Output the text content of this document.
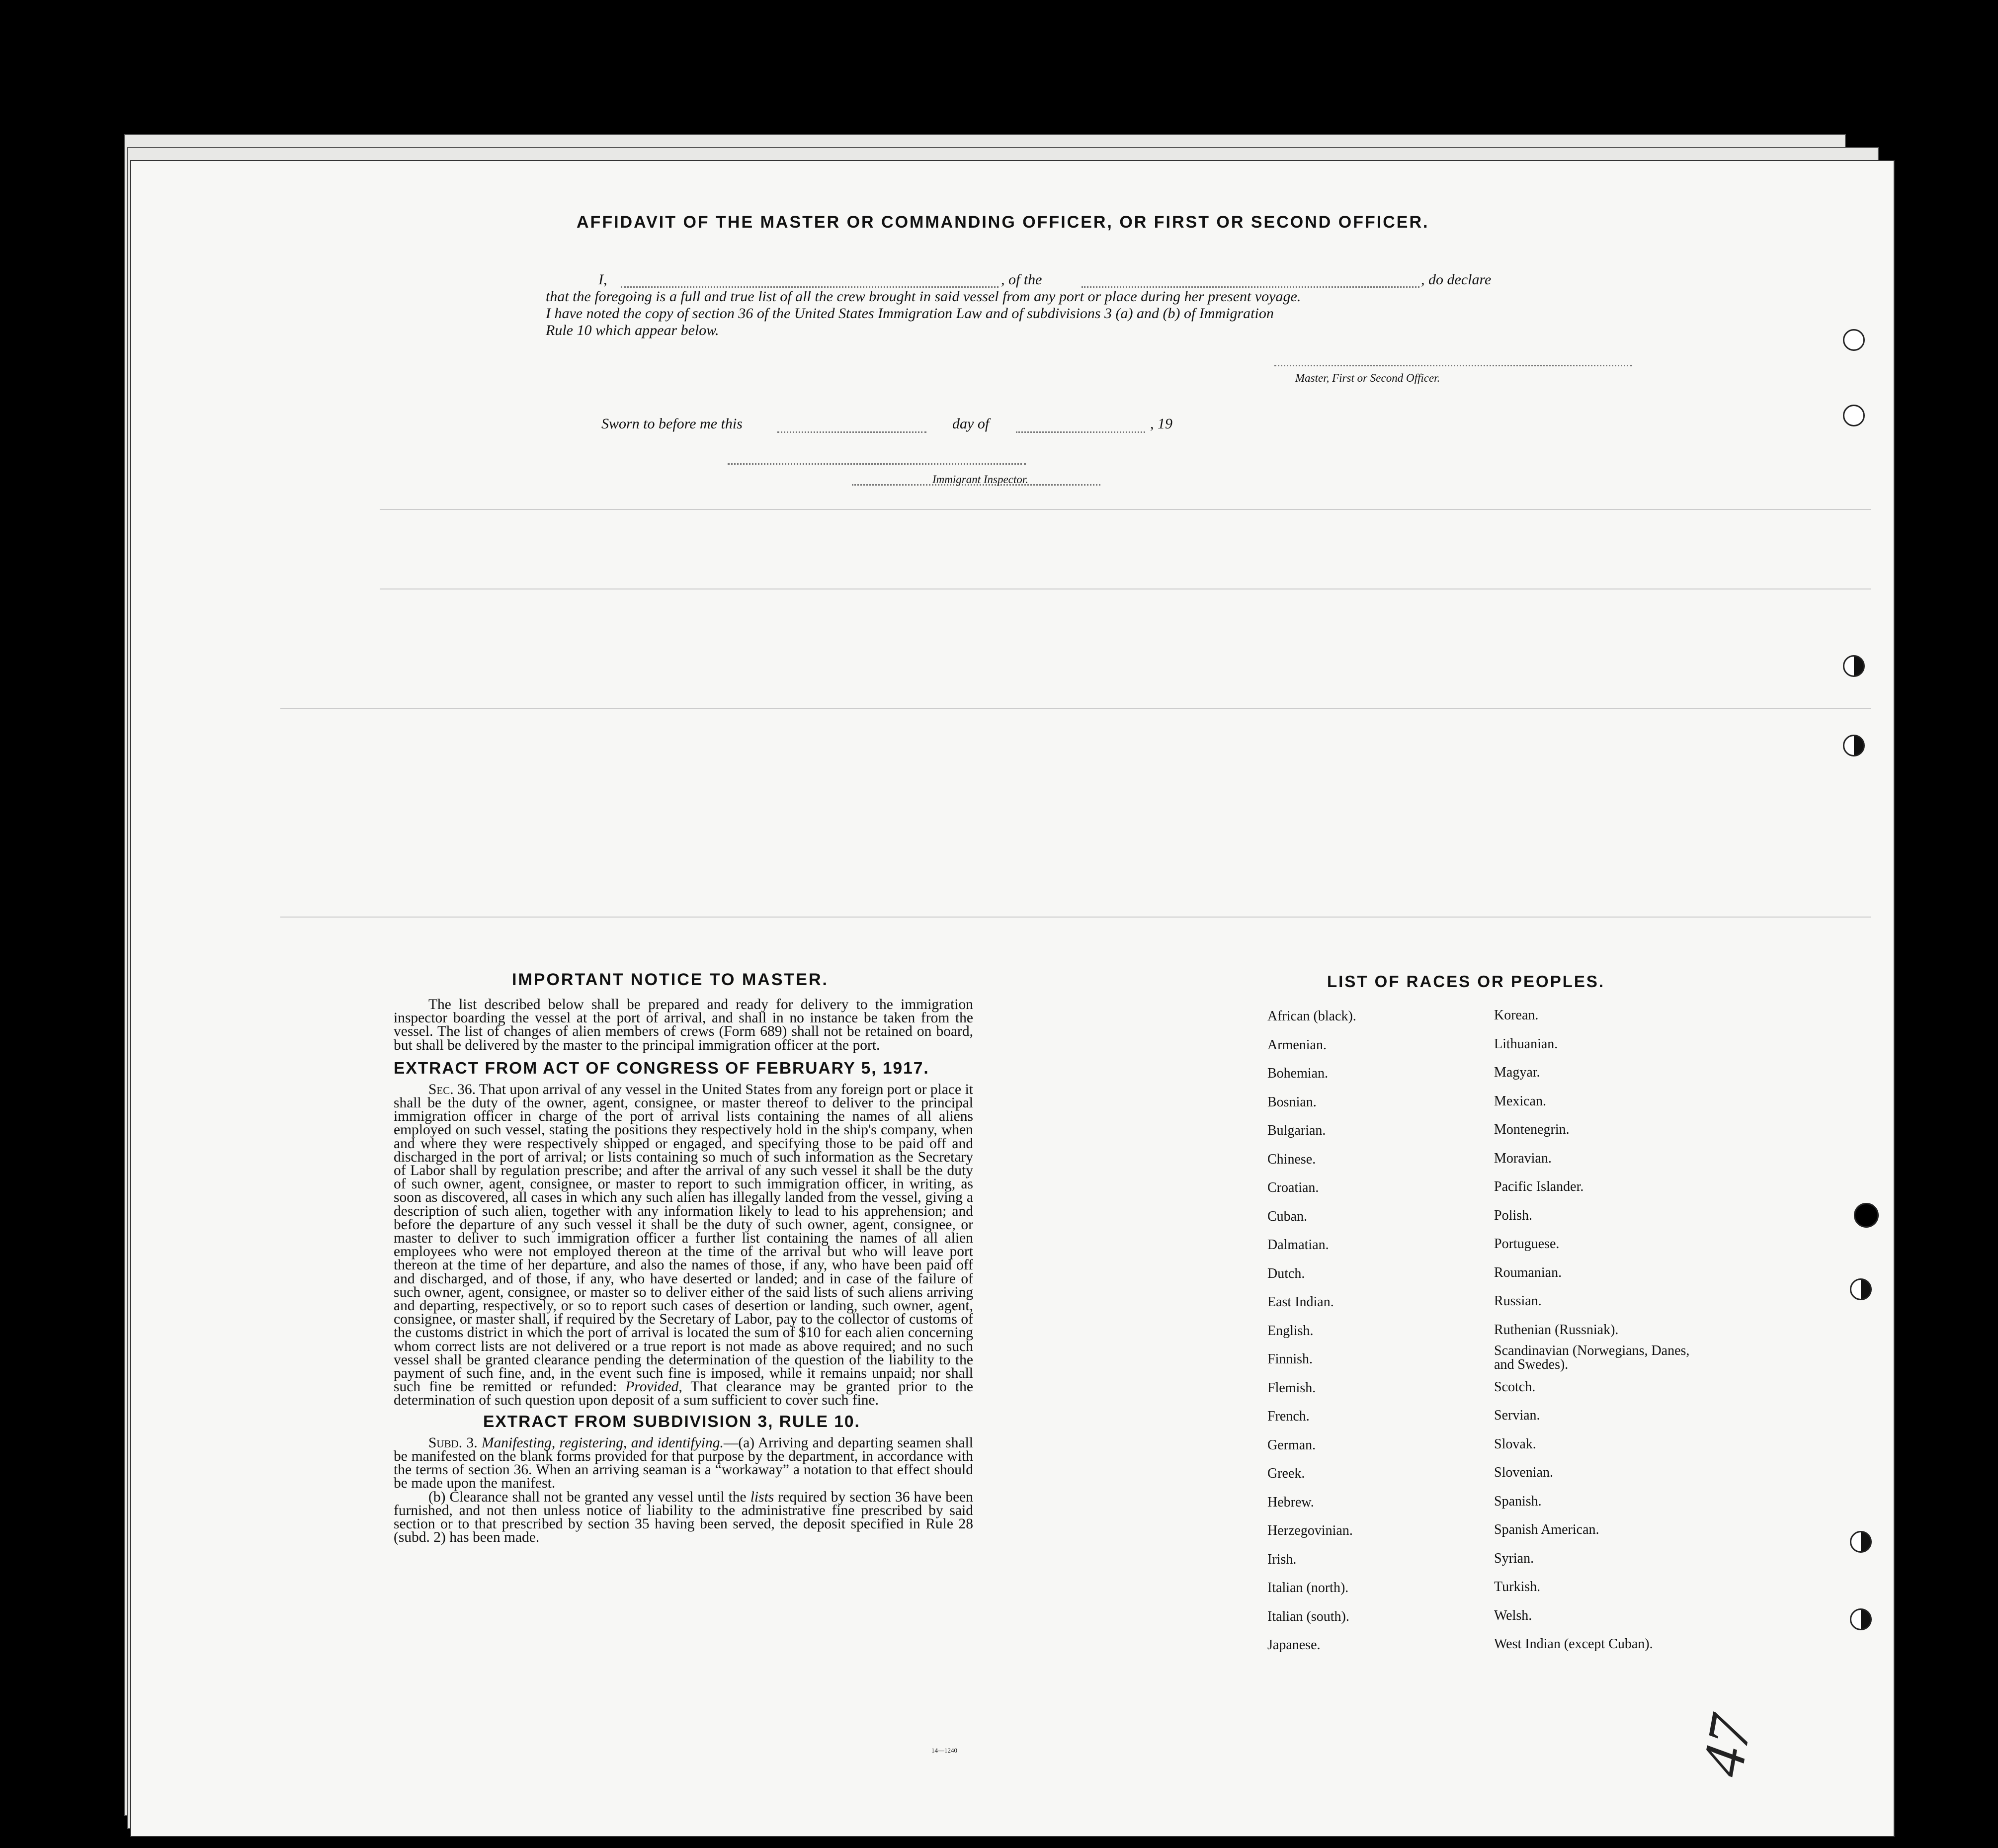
AFFIDAVIT OF THE MASTER OR COMMANDING OFFICER, OR FIRST OR SECOND OFFICER.
I,	, of the	, do declare
that the foregoing is a full and true list of all the crew brought in said vessel from any port or place during her present voyage.
I have noted the copy of section 36 of the United States Immigration Law and of subdivisions 3 (a) and (b) of Immigration
Rule 10 which appear below.
Master, First or Second Officer.
Sworn to before me this	day of	, 19
Immigrant Inspector.
IMPORTANT NOTICE TO MASTER.

The list described below shall be prepared and ready for delivery to the immigration inspector boarding the vessel at the port of arrival, and shall in no instance be taken from the vessel. The list of changes of alien members of crews (Form 689) shall not be retained on board, but shall be delivered by the master to the principal immigration officer at the port.

EXTRACT FROM ACT OF CONGRESS OF FEBRUARY 5, 1917.

Sec. 36. That upon arrival of any vessel in the United States from any foreign port or place it shall be the duty of the owner, agent, consignee, or master thereof to deliver to the principal immigration officer in charge of the port of arrival lists containing the names of all aliens employed on such vessel, stating the positions they respectively hold in the ship's company, when and where they were respectively shipped or engaged, and specifying those to be paid off and discharged in the port of arrival; or lists containing so much of such information as the Secretary of Labor shall by regulation prescribe; and after the arrival of any such vessel it shall be the duty of such owner, agent, consignee, or master to report to such immigration officer, in writing, as soon as discovered, all cases in which any such alien has illegally landed from the vessel, giving a description of such alien, together with any information likely to lead to his apprehension; and before the departure of any such vessel it shall be the duty of such owner, agent, consignee, or master to deliver to such immigration officer a further list containing the names of all alien employees who were not employed thereon at the time of the arrival but who will leave port thereon at the time of her departure, and also the names of those, if any, who have been paid off and discharged, and of those, if any, who have deserted or landed; and in case of the failure of such owner, agent, consignee, or master so to deliver either of the said lists of such aliens arriving and departing, respectively, or so to report such cases of desertion or landing, such owner, agent, consignee, or master shall, if required by the Secretary of Labor, pay to the collector of customs of the customs district in which the port of arrival is located the sum of $10 for each alien concerning whom correct lists are not delivered or a true report is not made as above required; and no such vessel shall be granted clearance pending the determination of the question of the liability to the payment of such fine, and, in the event such fine is imposed, while it remains unpaid; nor shall such fine be remitted or refunded: Provided, That clearance may be granted prior to the determination of such question upon deposit of a sum sufficient to cover such fine.

EXTRACT FROM SUBDIVISION 3, RULE 10.

Subd. 3. Manifesting, registering, and identifying.—(a) Arriving and departing seamen shall be manifested on the blank forms provided for that purpose by the department, in accordance with the terms of section 36. When an arriving seaman is a “workaway” a notation to that effect should be made upon the manifest.

(b) Clearance shall not be granted any vessel until the lists required by section 36 have been furnished, and not then unless notice of liability to the administrative fine prescribed by said section or to that prescribed by section 35 having been served, the deposit specified in Rule 28 (subd. 2) has been made.

14—1240
LIST OF RACES OR PEOPLES.
African (black).
Armenian.
Bohemian.
Bosnian.
Bulgarian.
Chinese.
Croatian.
Cuban.
Dalmatian.
Dutch.
East Indian.
English.
Finnish.
Flemish.
French.
German.
Greek.
Hebrew.
Herzegovinian.
Irish.
Italian (north).
Italian (south).
Japanese.
Korean.
Lithuanian.
Magyar.
Mexican.
Montenegrin.
Moravian.
Pacific Islander.
Polish.
Portuguese.
Roumanian.
Russian.
Ruthenian (Russniak).
Scandinavian (Norwegians, Danes, and Swedes).
Scotch.
Servian.
Slovak.
Slovenian.
Spanish.
Spanish American.
Syrian.
Turkish.
Welsh.
West Indian (except Cuban).
47
